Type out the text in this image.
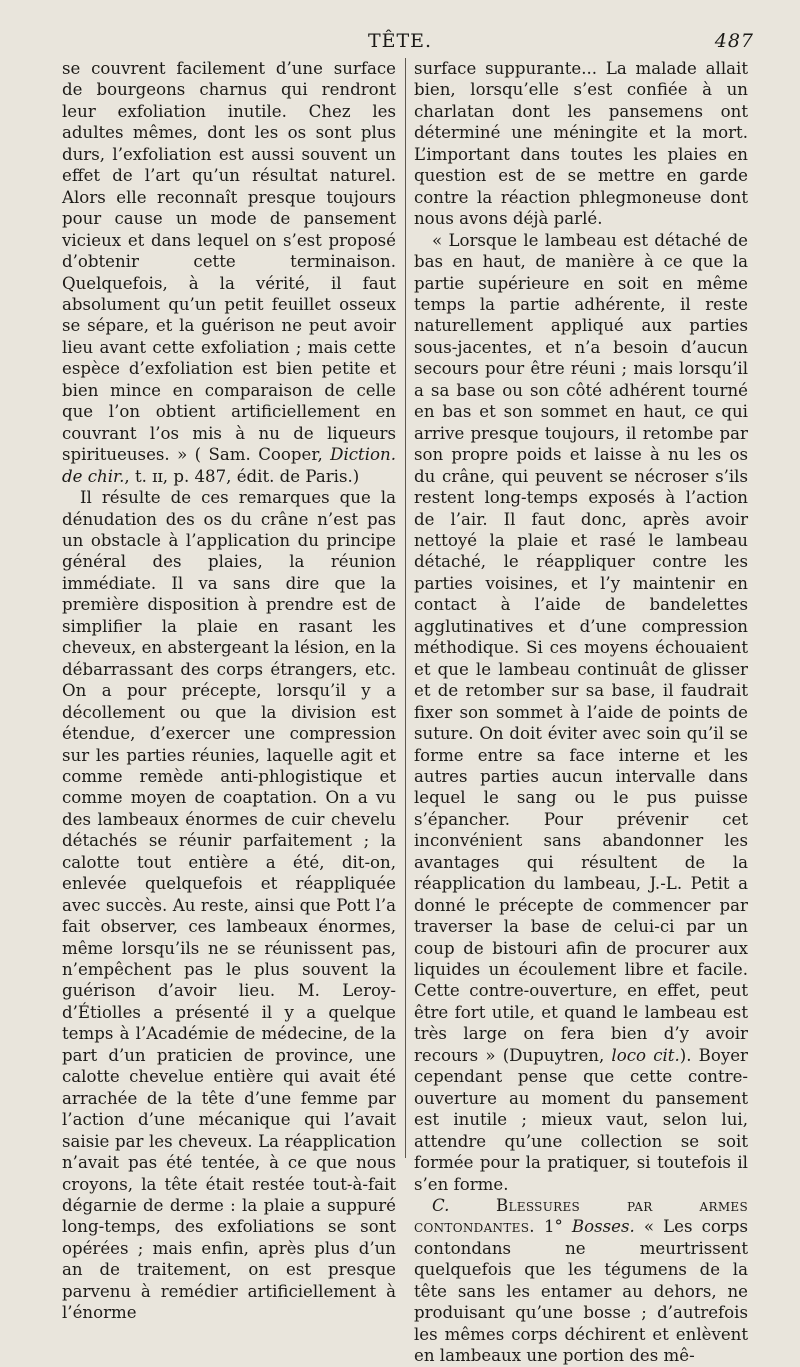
TÊTE.	487

se couvrent facilement d’une surface de bourgeons charnus qui rendront leur exfoliation inutile. Chez les adultes mêmes, dont les os sont plus durs, l’exfoliation est aussi souvent un effet de l’art qu’un résultat naturel. Alors elle reconnaît presque toujours pour cause un mode de pansement vicieux et dans lequel on s’est proposé d’obtenir cette terminaison. Quelquefois, à la vérité, il faut absolument qu’un petit feuillet osseux se sépare, et la guérison ne peut avoir lieu avant cette exfoliation ; mais cette espèce d’exfoliation est bien petite et bien mince en comparaison de celle que l’on obtient artificiellement en couvrant l’os mis à nu de liqueurs spiritueuses. » ( Sam. Cooper, Diction. de chir., t. ɪɪ, p. 487, édit. de Paris.)

Il résulte de ces remarques que la dénudation des os du crâne n’est pas un obstacle à l’application du principe général des plaies, la réunion immédiate. Il va sans dire que la première disposition à prendre est de simplifier la plaie en rasant les cheveux, en abstergeant la lésion, en la débarrassant des corps étrangers, etc. On a pour précepte, lorsqu’il y a décollement ou que la division est étendue, d’exercer une compression sur les parties réunies, laquelle agit et comme remède anti-phlogistique et comme moyen de coaptation. On a vu des lambeaux énormes de cuir chevelu détachés se réunir parfaitement ; la calotte tout entière a été, dit-on, enlevée quelquefois et réappliquée avec succès. Au reste, ainsi que Pott l’a fait observer, ces lambeaux énormes, même lorsqu’ils ne se réunissent pas, n’empêchent pas le plus souvent la guérison d’avoir lieu. M. Leroy-d’Étiolles a présenté il y a quelque temps à l’Académie de médecine, de la part d’un praticien de province, une calotte chevelue entière qui avait été arrachée de la tête d’une femme par l’action d’une mécanique qui l’avait saisie par les cheveux. La réapplication n’avait pas été tentée, à ce que nous croyons, la tête était restée tout-à-fait dégarnie de derme : la plaie a suppuré long-temps, des exfoliations se sont opérées ; mais enfin, après plus d’un an de traitement, on est presque parvenu à remédier artificiellement à l’énorme

surface suppurante... La malade allait bien, lorsqu’elle s’est confiée à un charlatan dont les pansemens ont déterminé une méningite et la mort. L’important dans toutes les plaies en question est de se mettre en garde contre la réaction phlegmoneuse dont nous avons déjà parlé.

« Lorsque le lambeau est détaché de bas en haut, de manière à ce que la partie supérieure en soit en même temps la partie adhérente, il reste naturellement appliqué aux parties sous-jacentes, et n’a besoin d’aucun secours pour être réuni ; mais lorsqu’il a sa base ou son côté adhérent tourné en bas et son sommet en haut, ce qui arrive presque toujours, il retombe par son propre poids et laisse à nu les os du crâne, qui peuvent se nécroser s’ils restent long-temps exposés à l’action de l’air. Il faut donc, après avoir nettoyé la plaie et rasé le lambeau détaché, le réappliquer contre les parties voisines, et l’y maintenir en contact à l’aide de bandelettes agglutinatives et d’une compression méthodique. Si ces moyens échouaient et que le lambeau continuât de glisser et de retomber sur sa base, il faudrait fixer son sommet à l’aide de points de suture. On doit éviter avec soin qu’il se forme entre sa face interne et les autres parties aucun intervalle dans lequel le sang ou le pus puisse s’épancher. Pour prévenir cet inconvénient sans abandonner les avantages qui résultent de la réapplication du lambeau, J.-L. Petit a donné le précepte de commencer par traverser la base de celui-ci par un coup de bistouri afin de procurer aux liquides un écoulement libre et facile. Cette contre-ouverture, en effet, peut être fort utile, et quand le lambeau est très large on fera bien d’y avoir recours » (Dupuytren, loco cit.). Boyer cependant pense que cette contre-ouverture au moment du pansement est inutile ; mieux vaut, selon lui, attendre qu’une collection se soit formée pour la pratiquer, si toutefois il s’en forme.

C.	Blessures par armes contondantes. 1° Bosses. « Les corps contondans ne meurtrissent quelquefois que les tégumens de la tête sans les entamer au dehors, ne produisant qu’une bosse ; d’autrefois les mêmes corps déchirent et enlèvent en lambeaux une portion des mê-
